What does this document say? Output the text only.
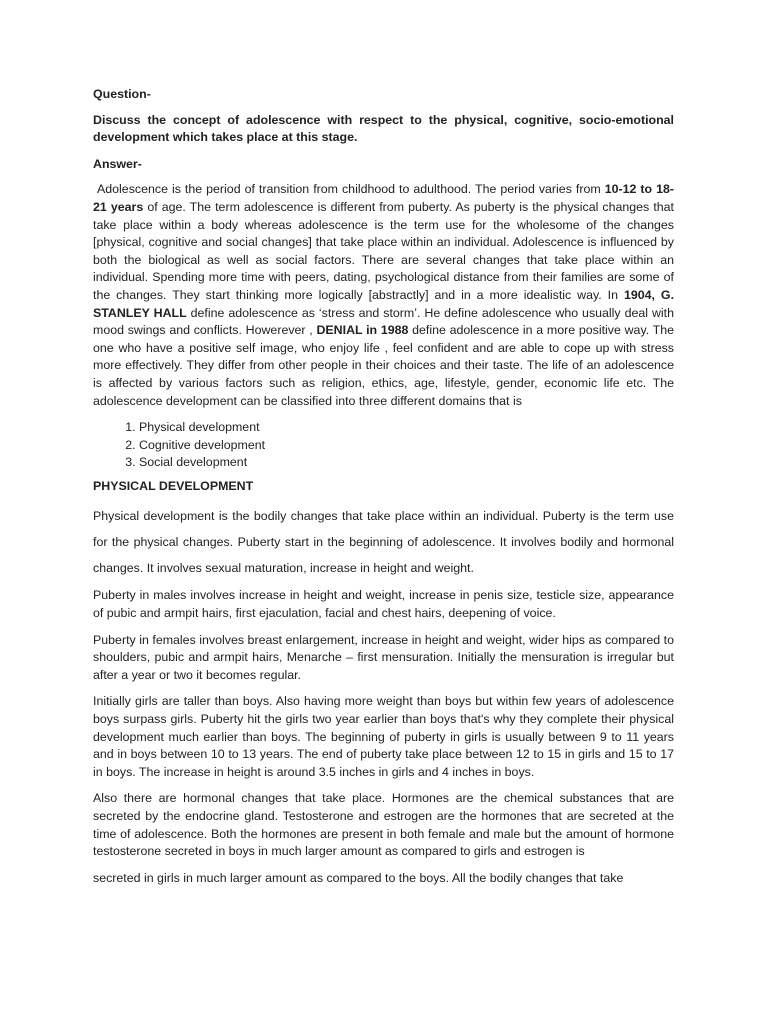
Question-

Discuss the concept of adolescence with respect to the physical, cognitive, socio-emotional development which takes place at this stage.

Answer-

Adolescence is the period of transition from childhood to adulthood. The period varies from 10-12 to 18-21 years of age. The term adolescence is different from puberty. As puberty is the physical changes that take place within a body whereas adolescence is the term use for the wholesome of the changes [physical, cognitive and social changes] that take place within an individual. Adolescence is influenced by both the biological as well as social factors. There are several changes that take place within an individual. Spending more time with peers, dating, psychological distance from their families are some of the changes. They start thinking more logically [abstractly] and in a more idealistic way. In 1904, G. STANLEY HALL define adolescence as ‘stress and storm’. He define adolescence who usually deal with mood swings and conflicts. Howerever , DENIAL in 1988 define adolescence in a more positive way. The one who have a positive self image, who enjoy life , feel confident and are able to cope up with stress more effectively. They differ from other people in their choices and their taste. The life of an adolescence is affected by various factors such as religion, ethics, age, lifestyle, gender, economic life etc. The adolescence development can be classified into three different domains that is

1. Physical development
2. Cognitive development
3. Social development

PHYSICAL DEVELOPMENT

Physical development is the bodily changes that take place within an individual. Puberty is the term use for the physical changes. Puberty start in the beginning of adolescence. It involves bodily and hormonal changes. It involves sexual maturation, increase in height and weight.

Puberty in males involves increase in height and weight, increase in penis size, testicle size, appearance of pubic and armpit hairs, first ejaculation, facial and chest hairs, deepening of voice.

Puberty in females involves breast enlargement, increase in height and weight, wider hips as compared to shoulders, pubic and armpit hairs, Menarche – first mensuration. Initially the mensuration is irregular but after a year or two it becomes regular.

Initially girls are taller than boys. Also having more weight than boys but within few years of adolescence boys surpass girls. Puberty hit the girls two year earlier than boys that's why they complete their physical development much earlier than boys. The beginning of puberty in girls is usually between 9 to 11 years and in boys between 10 to 13 years. The end of puberty take place between 12 to 15 in girls and 15 to 17 in boys. The increase in height is around 3.5 inches in girls and 4 inches in boys.

Also there are hormonal changes that take place. Hormones are the chemical substances that are secreted by the endocrine gland. Testosterone and estrogen are the hormones that are secreted at the time of adolescence. Both the hormones are present in both female and male but the amount of hormone testosterone secreted in boys in much larger amount as compared to girls and estrogen is

secreted in girls in much larger amount as compared to the boys. All the bodily changes that take
